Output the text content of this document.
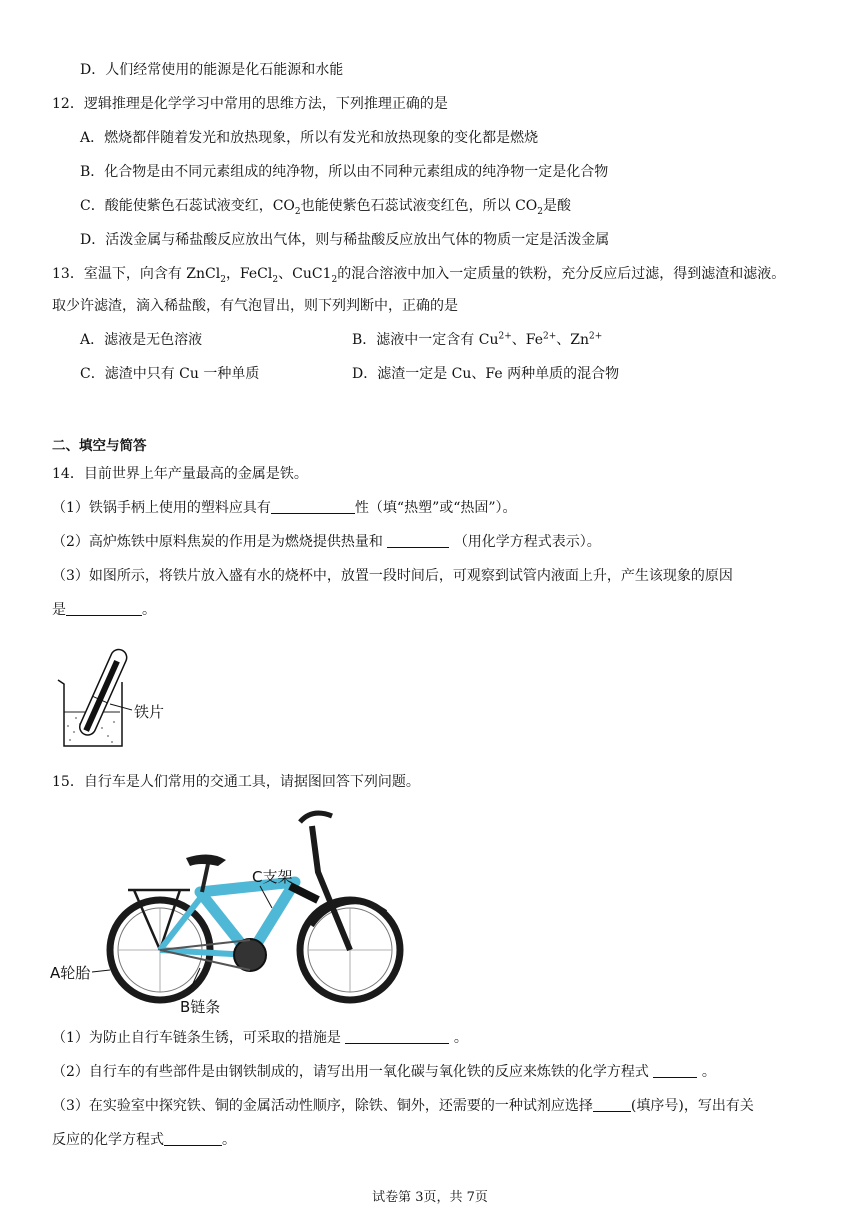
D．人们经常使用的能源是化石能源和水能
12．逻辑推理是化学学习中常用的思维方法，下列推理正确的是
A．燃烧都伴随着发光和放热现象，所以有发光和放热现象的变化都是燃烧
B．化合物是由不同元素组成的纯净物，所以由不同种元素组成的纯净物一定是化合物
C．酸能使紫色石蕊试液变红，$CO_2$也能使紫色石蕊试液变红色，所以 $CO_2$是酸
D．活泼金属与稀盐酸反应放出气体，则与稀盐酸反应放出气体的物质一定是活泼金属
13．室温下，向含有 ZnCl$_2$，FeCl$_2$、$CuC1_2$的混合溶液中加入一定质量的铁粉，充分反应后过滤，得到滤渣和滤液。
取少许滤渣，滴入稀盐酸，有气泡冒出，则下列判断中，正确的是
A．滤液是无色溶液	B．滤液中一定含有 $Cu^{2+}$、$Fe^{2+}$、$Zn^{2+}$
C．滤渣中只有 Cu 一种单质	D．滤渣一定是 Cu、Fe 两种单质的混合物
二、填空与简答
14．目前世界上年产量最高的金属是铁。
（1）铁锅手柄上使用的塑料应具有	性（填“热塑”或“热固”）。
（2）高炉炼铁中原料焦炭的作用是为燃烧提供热量和	（用化学方程式表示）。
（3）如图所示，将铁片放入盛有水的烧杯中，放置一段时间后，可观察到试管内液面上升，产生该现象的原因
是	。
铁片
15．自行车是人们常用的交通工具，请据图回答下列问题。
C支架
A轮胎
B链条
（1）为防止自行车链条生锈，可采取的措施是	。
（2）自行车的有些部件是由钢铁制成的，请写出用一氧化碳与氧化铁的反应来炼铁的化学方程式	。
（3）在实验室中探究铁、铜的金属活动性顺序，除铁、铜外，还需要的一种试剂应选择	(填序号)，写出有关
反应的化学方程式	。
试卷第 3页，共 7页
